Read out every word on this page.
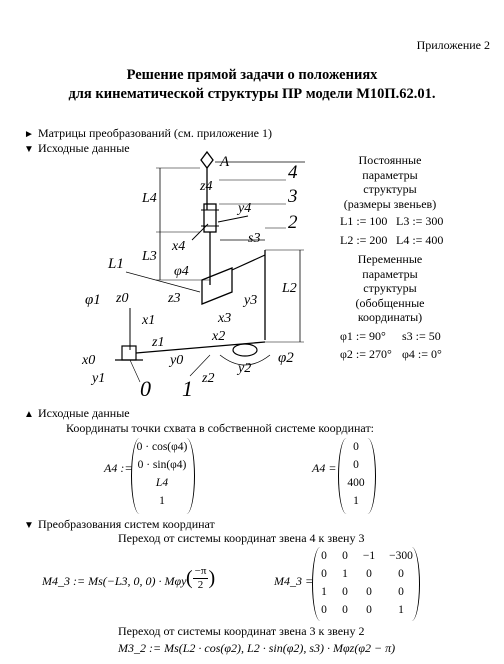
Приложение 2
Решение прямой задачи о положениях
для кинематической структуры ПР модели М10П.62.01.
► Матрицы преобразований (см. приложение 1)
▼ Исходные данные
A
L4
L3
4
3
2
z4
y4
x4
φ4
s3
z3
x3
y3
L2
L1
φ1 z0
x1
z1
x0
y1
y0
x2
z2
y2
φ2
0 1
Постоянные
параметры
структуры
(размеры звеньев)
L1 := 100 L3 := 300
L2 := 200 L4 := 400
Переменные
параметры
структуры
(обобщенные
координаты)
φ1 := 90° s3 := 50
φ2 := 270° φ4 := 0°
▲ Исходные данные
Координаты точки схвата в собственной системе координат:
A4 :=
0 · cos(φ4)
0 · sin(φ4)
L4
1
A4 =
0
0
400
1
▼ Преобразования систем координат
Переход от системы координат звена 4 к звену 3
M4_3 := Ms(−L3, 0, 0) · Mφy ( $\frac{-\pi}{2}$ )	M4_3 =
0	0	−1	−300
0	1	0	0
1	0	0	0
0	0	0	1
Переход от системы координат звена 3 к звену 2
M3_2 := Ms(L2 · cos(φ2), L2 · sin(φ2), s3) · Mφz(φ2 − π)
